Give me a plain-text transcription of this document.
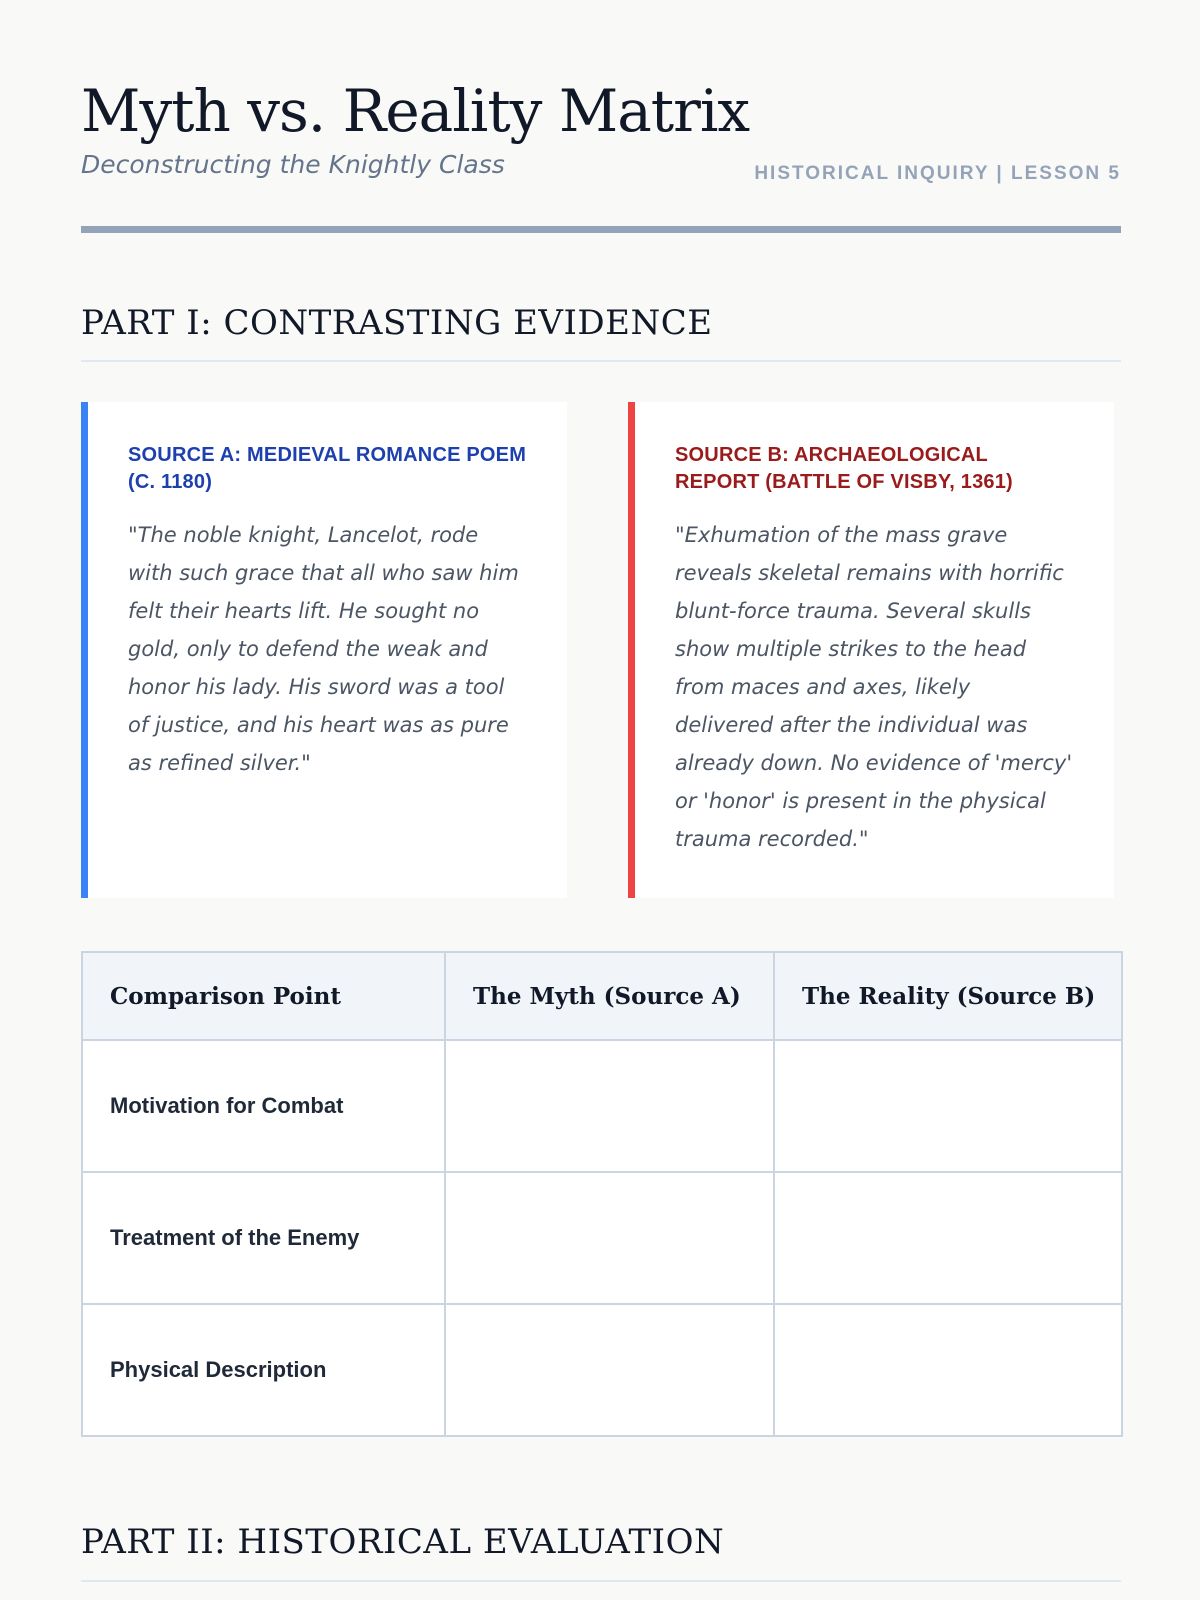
Myth vs. Reality Matrix
Deconstructing the Knightly Class	HISTORICAL INQUIRY | LESSON 5
PART I: CONTRASTING EVIDENCE
SOURCE A: MEDIEVAL ROMANCE POEM (C. 1180)

"The noble knight, Lancelot, rode with such grace that all who saw him felt their hearts lift. He sought no gold, only to defend the weak and honor his lady. His sword was a tool of justice, and his heart was as pure as refined silver."

SOURCE B: ARCHAEOLOGICAL REPORT (BATTLE OF VISBY, 1361)

"Exhumation of the mass grave reveals skeletal remains with horrific blunt-force trauma. Several skulls show multiple strikes to the head from maces and axes, likely delivered after the individual was already down. No evidence of 'mercy' or 'honor' is present in the physical trauma recorded."

Comparison Point	The Myth (Source A)	The Reality (Source B)
Motivation for Combat		
Treatment of the Enemy		
Physical Description		
PART II: HISTORICAL EVALUATION
